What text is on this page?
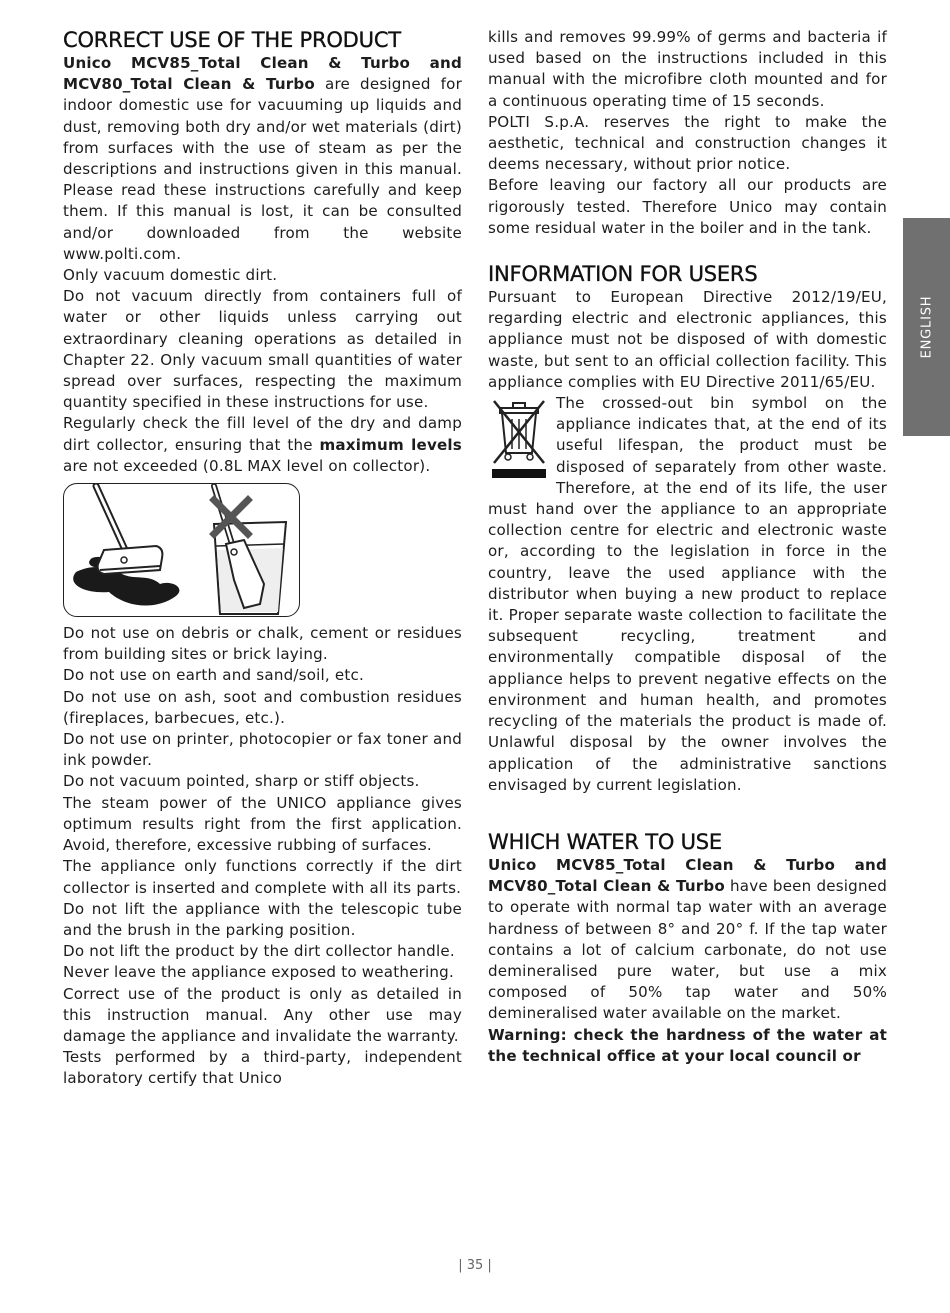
CORRECT USE OF THE PRODUCT

Unico MCV85_Total Clean & Turbo and MCV80_Total Clean & Turbo are designed for indoor domestic use for vacuuming up liquids and dust, removing both dry and/or wet materials (dirt) from surfaces with the use of steam as per the descriptions and instructions given in this manual. Please read these instructions carefully and keep them. If this manual is lost, it can be consulted and/or downloaded from the website www.polti.com.

Only vacuum domestic dirt.

Do not vacuum directly from containers full of water or other liquids unless carrying out extraordinary cleaning operations as detailed in Chapter 22. Only vacuum small quantities of water spread over surfaces, respecting the maximum quantity specified in these instructions for use.

Regularly check the fill level of the dry and damp dirt collector, ensuring that the maximum levels are not exceeded (0.8L MAX level on collector).

Do not use on debris or chalk, cement or residues from building sites or brick laying.

Do not use on earth and sand/soil, etc.

Do not use on ash, soot and combustion residues (fireplaces, barbecues, etc.).

Do not use on printer, photocopier or fax toner and ink powder.

Do not vacuum pointed, sharp or stiff objects.

The steam power of the UNICO appliance gives optimum results right from the first application. Avoid, therefore, excessive rubbing of surfaces.

The appliance only functions correctly if the dirt collector is inserted and complete with all its parts.

Do not lift the appliance with the telescopic tube and the brush in the parking position.

Do not lift the product by the dirt collector handle.

Never leave the appliance exposed to weathering.

Correct use of the product is only as detailed in this instruction manual. Any other use may damage the appliance and invalidate the warranty.

Tests performed by a third-party, independent laboratory certify that Unico

kills and removes 99.99% of germs and bacteria if used based on the instructions included in this manual with the microfibre cloth mounted and for a continuous operating time of 15 seconds.

POLTI S.p.A. reserves the right to make the aesthetic, technical and construction changes it deems necessary, without prior notice.

Before leaving our factory all our products are rigorously tested. Therefore Unico may contain some residual water in the boiler and in the tank.

INFORMATION FOR USERS

Pursuant to European Directive 2012/19/EU, regarding electric and electronic appliances, this appliance must not be disposed of with domestic waste, but sent to an official collection facility. This appliance complies with EU Directive 2011/65/EU.

The crossed-out bin symbol on the appliance indicates that, at the end of its useful lifespan, the product must be disposed of separately from other waste. Therefore, at the end of its life, the user must hand over the appliance to an appropriate collection centre for electric and electronic waste or, according to the legislation in force in the country, leave the used appliance with the distributor when buying a new product to replace it. Proper separate waste collection to facilitate the subsequent recycling, treatment and environmentally compatible disposal of the appliance helps to prevent negative effects on the environment and human health, and promotes recycling of the materials the product is made of. Unlawful disposal by the owner involves the application of the administrative sanctions envisaged by current legislation.

WHICH WATER TO USE

Unico MCV85_Total Clean & Turbo and MCV80_Total Clean & Turbo have been designed to operate with normal tap water with an average hardness of between 8° and 20° f. If the tap water contains a lot of calcium carbonate, do not use demineralised pure water, but use a mix composed of 50% tap water and 50% demineralised water available on the market.

Warning: check the hardness of the water at the technical office at your local council or

ENGLISH
| 35 |
